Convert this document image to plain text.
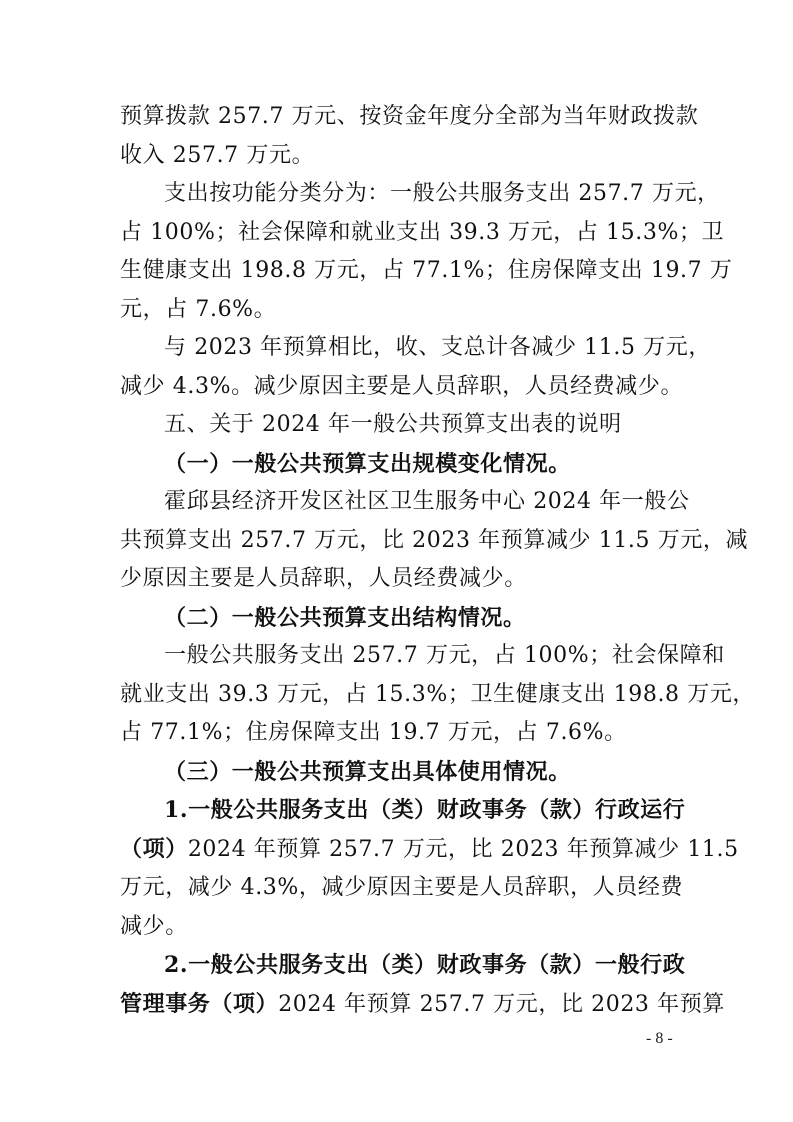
预算拨款 257.7 万元、按资金年度分全部为当年财政拨款
收入 257.7 万元。
支出按功能分类分为：一般公共服务支出 257.7 万元，
占 100%；社会保障和就业支出 39.3 万元，占 15.3%；卫
生健康支出 198.8 万元，占 77.1%；住房保障支出 19.7 万
元，占 7.6%。
与 2023 年预算相比，收、支总计各减少 11.5 万元，
减少 4.3%。减少原因主要是人员辞职，人员经费减少。
五、关于 2024 年一般公共预算支出表的说明
（一）一般公共预算支出规模变化情况。
霍邱县经济开发区社区卫生服务中心 2024 年一般公
共预算支出 257.7 万元，比 2023 年预算减少 11.5 万元，减
少原因主要是人员辞职，人员经费减少。
（二）一般公共预算支出结构情况。
一般公共服务支出 257.7 万元，占 100%；社会保障和
就业支出 39.3 万元，占 15.3%；卫生健康支出 198.8 万元，
占 77.1%；住房保障支出 19.7 万元，占 7.6%。
（三）一般公共预算支出具体使用情况。
1.一般公共服务支出（类）财政事务（款）行政运行
（项）2024 年预算 257.7 万元，比 2023 年预算减少 11.5
万元，减少 4.3%，减少原因主要是人员辞职，人员经费
减少。
2.一般公共服务支出（类）财政事务（款）一般行政
管理事务（项）2024 年预算 257.7 万元，比 2023 年预算
- 8 -
